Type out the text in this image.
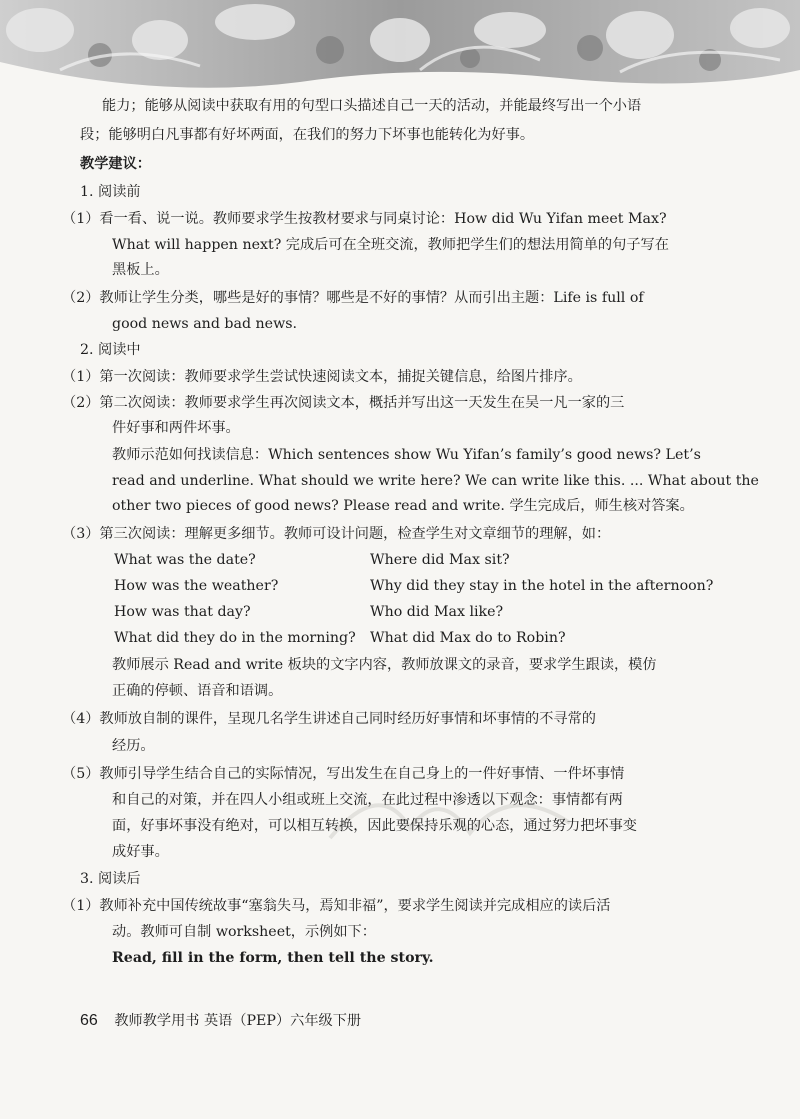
能力；能够从阅读中获取有用的句型口头描述自己一天的活动，并能最终写出一个小语
段；能够明白凡事都有好坏两面，在我们的努力下坏事也能转化为好事。
教学建议：
1. 阅读前
（1）看一看、说一说。教师要求学生按教材要求与同桌讨论：How did Wu Yifan meet Max?
What will happen next? 完成后可在全班交流，教师把学生们的想法用简单的句子写在
黑板上。
（2）教师让学生分类，哪些是好的事情？哪些是不好的事情？从而引出主题：Life is full of
good news and bad news.
2. 阅读中
（1）第一次阅读：教师要求学生尝试快速阅读文本，捕捉关键信息，给图片排序。
（2）第二次阅读：教师要求学生再次阅读文本，概括并写出这一天发生在吴一凡一家的三
件好事和两件坏事。
教师示范如何找读信息：Which sentences show Wu Yifan’s family’s good news? Let’s
read and underline. What should we write here? We can write like this. ... What about the
other two pieces of good news? Please read and write. 学生完成后，师生核对答案。
（3）第三次阅读：理解更多细节。教师可设计问题，检查学生对文章细节的理解，如：
What was the date?	Where did Max sit?
How was the weather?	Why did they stay in the hotel in the afternoon?
How was that day?	Who did Max like?
What did they do in the morning? What did Max do to Robin?
教师展示 Read and write 板块的文字内容，教师放课文的录音，要求学生跟读，模仿
正确的停顿、语音和语调。
（4）教师放自制的课件，呈现几名学生讲述自己同时经历好事情和坏事情的不寻常的
经历。
（5）教师引导学生结合自己的实际情况，写出发生在自己身上的一件好事情、一件坏事情
和自己的对策，并在四人小组或班上交流，在此过程中渗透以下观念：事情都有两
面，好事坏事没有绝对，可以相互转换，因此要保持乐观的心态，通过努力把坏事变
成好事。
3. 阅读后
（1）教师补充中国传统故事“塞翁失马，焉知非福”，要求学生阅读并完成相应的读后活
动。教师可自制 worksheet，示例如下：
Read, fill in the form, then tell the story.
66 教师教学用书 英语（PEP）六年级下册
